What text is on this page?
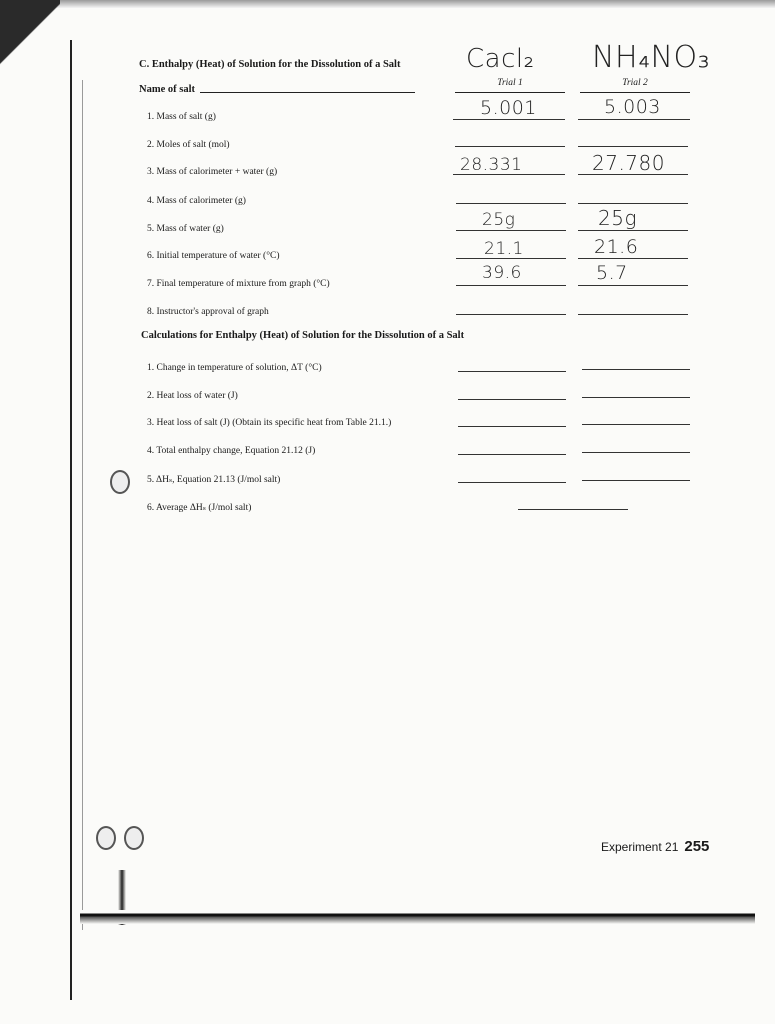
C. Enthalpy (Heat) of Solution for the Dissolution of a Salt
Name of salt
Cacl₂ NH₄NO₃
Trial 1	Trial 2
1. Mass of salt (g)
2. Moles of salt (mol)
3. Mass of calorimeter + water (g)
4. Mass of calorimeter (g)
5. Mass of water (g)
6. Initial temperature of water (°C)
7. Final temperature of mixture from graph (°C)
8. Instructor's approval of graph
5.001
28.331
25g
21.1
39.6
5.003
27.780
25g
21.6
5.7
Calculations for Enthalpy (Heat) of Solution for the Dissolution of a Salt
1. Change in temperature of solution, ΔT (°C)
2. Heat loss of water (J)
3. Heat loss of salt (J) (Obtain its specific heat from Table 21.1.)
4. Total enthalpy change, Equation 21.12 (J)
5. ΔHₛ, Equation 21.13 (J/mol salt)
6. Average ΔHₛ (J/mol salt)
Experiment 21 255
